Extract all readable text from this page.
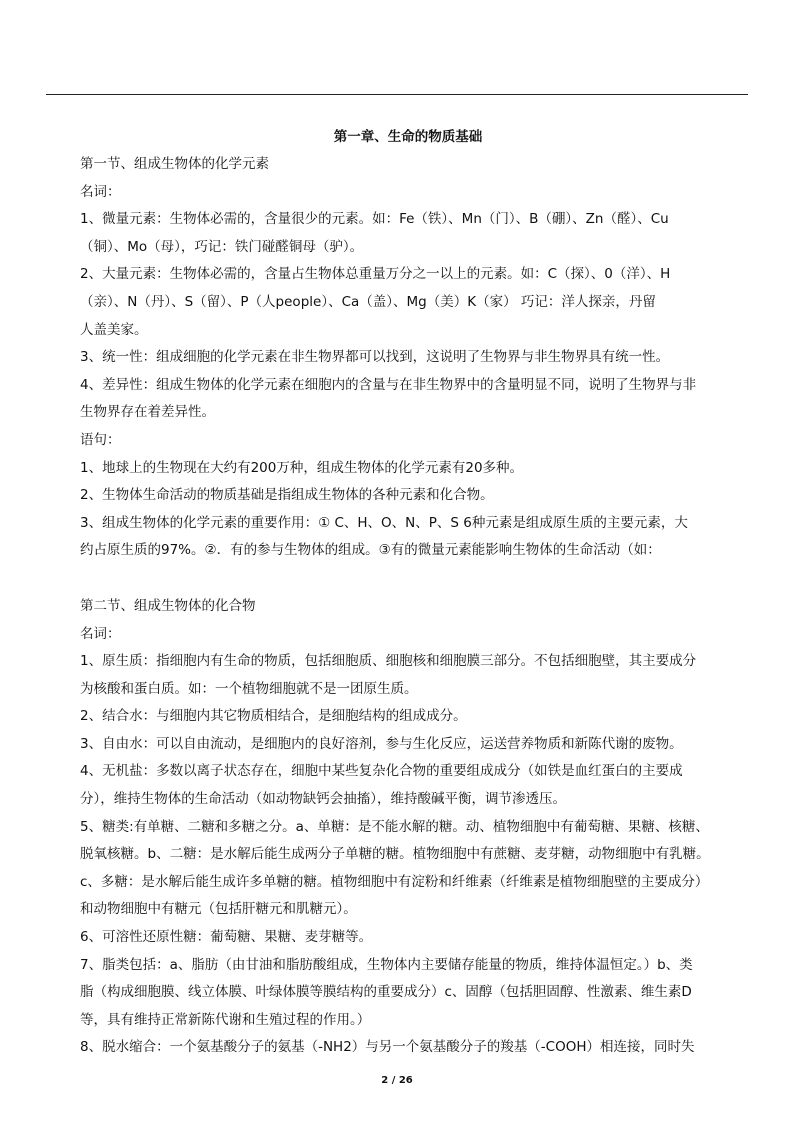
第一章、生命的物质基础
第一节、组成生物体的化学元素
名词：
1、微量元素：生物体必需的，含量很少的元素。如：Fe（铁）、Mn（门）、B（硼）、Zn（醛）、Cu
（铜）、Mo（母），巧记：铁门碰醛铜母（驴）。
2、大量元素：生物体必需的，含量占生物体总重量万分之一以上的元素。如：C（探）、0（洋）、H
（亲）、N（丹）、S（留）、P（人people）、Ca（盖）、Mg（美）K（家） 巧记：洋人探亲，丹留
人盖美家。
3、统一性：组成细胞的化学元素在非生物界都可以找到，这说明了生物界与非生物界具有统一性。
4、差异性：组成生物体的化学元素在细胞内的含量与在非生物界中的含量明显不同，说明了生物界与非
生物界存在着差异性。
语句：
1、地球上的生物现在大约有200万种，组成生物体的化学元素有20多种。
2、生物体生命活动的物质基础是指组成生物体的各种元素和化合物。
3、组成生物体的化学元素的重要作用：① C、H、O、N、P、S 6种元素是组成原生质的主要元素，大
约占原生质的97%。②．有的参与生物体的组成。③有的微量元素能影响生物体的生命活动（如：
第二节、组成生物体的化合物
名词：
1、原生质：指细胞内有生命的物质，包括细胞质、细胞核和细胞膜三部分。不包括细胞壁，其主要成分
为核酸和蛋白质。如：一个植物细胞就不是一团原生质。
2、结合水：与细胞内其它物质相结合，是细胞结构的组成成分。
3、自由水：可以自由流动，是细胞内的良好溶剂，参与生化反应，运送营养物质和新陈代谢的废物。
4、无机盐：多数以离子状态存在，细胞中某些复杂化合物的重要组成成分（如铁是血红蛋白的主要成
分），维持生物体的生命活动（如动物缺钙会抽搐），维持酸碱平衡，调节渗透压。
5、糖类:有单糖、二糖和多糖之分。a、单糖：是不能水解的糖。动、植物细胞中有葡萄糖、果糖、核糖、
脱氧核糖。b、二糖：是水解后能生成两分子单糖的糖。植物细胞中有蔗糖、麦芽糖，动物细胞中有乳糖。
c、多糖：是水解后能生成许多单糖的糖。植物细胞中有淀粉和纤维素（纤维素是植物细胞壁的主要成分）
和动物细胞中有糖元（包括肝糖元和肌糖元）。
6、可溶性还原性糖：葡萄糖、果糖、麦芽糖等。
7、脂类包括：a、脂肪（由甘油和脂肪酸组成，生物体内主要储存能量的物质，维持体温恒定。）b、类
脂（构成细胞膜、线立体膜、叶绿体膜等膜结构的重要成分）c、固醇（包括胆固醇、性激素、维生素D
等，具有维持正常新陈代谢和生殖过程的作用。）
8、脱水缩合：一个氨基酸分子的氨基（-NH2）与另一个氨基酸分子的羧基（-COOH）相连接，同时失
2 / 26
